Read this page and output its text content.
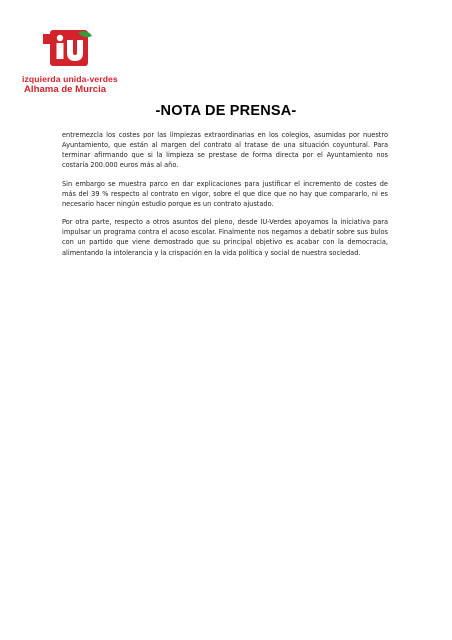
izquierda unida-verdes
Alhama de Murcia
-NOTA DE PRENSA-

entremezcla los costes por las limpiezas extraordinarias en los colegios, asumidas por nuestro Ayuntamiento, que están al margen del contrato al tratase de una situación coyuntural. Para terminar afirmando que si la limpieza se prestase de forma directa por el Ayuntamiento nos costaría 200.000 euros más al año.

Sin embargo se muestra parco en dar explicaciones para justificar el incremento de costes de más del 39 % respecto al contrato en vigor, sobre el que dice que no hay que compararlo, ni es necesario hacer ningún estudio porque es un contrato ajustado.

Por otra parte, respecto a otros asuntos del pleno, desde IU-Verdes apoyamos la iniciativa para impulsar un programa contra el acoso escolar. Finalmente nos negamos a debatir sobre sus bulos con un partido que viene demostrado que su principal objetivo es acabar con la democracia, alimentando la intolerancia y la crispación en la vida política y social de nuestra sociedad.
